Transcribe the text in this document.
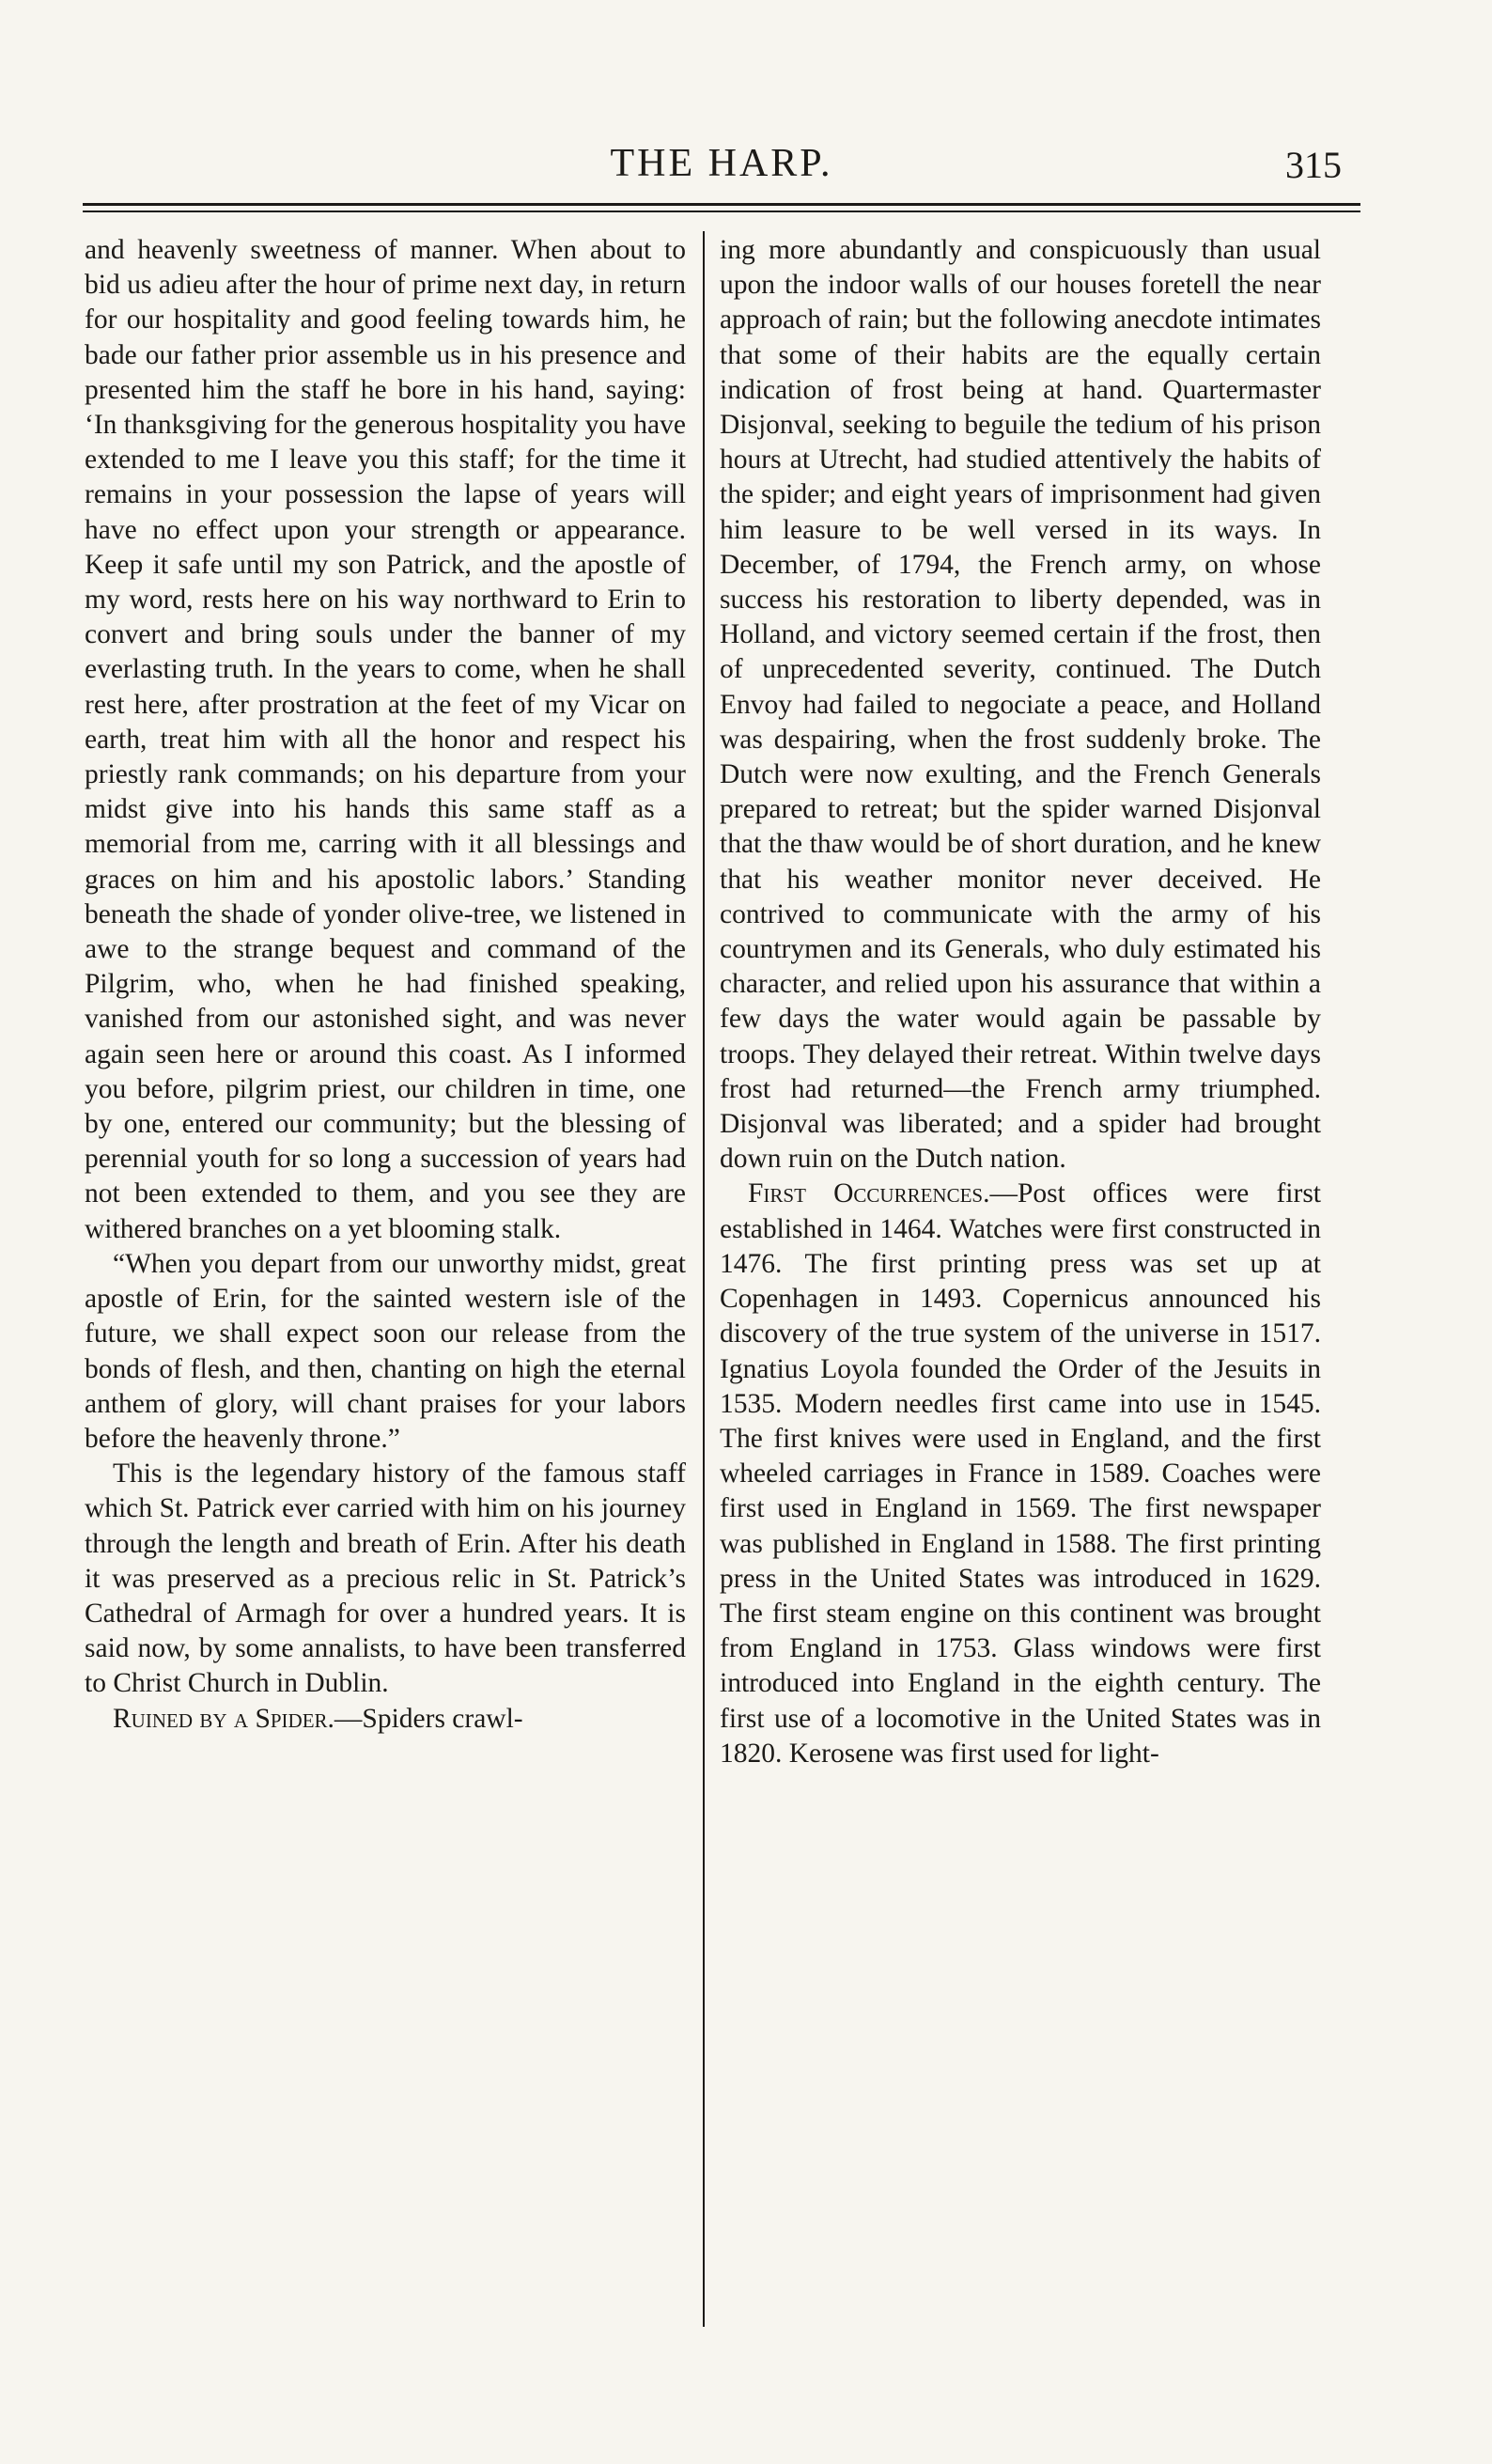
THE HARP.	315

and heavenly sweetness of manner. When about to bid us adieu after the hour of prime next day, in return for our hospitality and good feeling towards him, he bade our father prior assemble us in his presence and presented him the staff he bore in his hand, saying: ‘In thanksgiving for the generous hospitality you have extended to me I leave you this staff; for the time it remains in your possession the lapse of years will have no effect upon your strength or appearance. Keep it safe until my son Patrick, and the apostle of my word, rests here on his way northward to Erin to convert and bring souls under the banner of my everlasting truth. In the years to come, when he shall rest here, after prostration at the feet of my Vicar on earth, treat him with all the honor and respect his priestly rank commands; on his departure from your midst give into his hands this same staff as a memorial from me, carring with it all blessings and graces on him and his apostolic labors.’ Standing beneath the shade of yonder olive-tree, we listened in awe to the strange bequest and command of the Pilgrim, who, when he had finished speaking, vanished from our astonished sight, and was never again seen here or around this coast. As I informed you before, pilgrim priest, our children in time, one by one, entered our community; but the blessing of perennial youth for so long a succession of years had not been extended to them, and you see they are withered branches on a yet blooming stalk.

“When you depart from our unworthy midst, great apostle of Erin, for the sainted western isle of the future, we shall expect soon our release from the bonds of flesh, and then, chanting on high the eternal anthem of glory, will chant praises for your labors before the heavenly throne.”

This is the legendary history of the famous staff which St. Patrick ever carried with him on his journey through the length and breath of Erin. After his death it was preserved as a precious relic in St. Patrick’s Cathedral of Armagh for over a hundred years. It is said now, by some annalists, to have been transferred to Christ Church in Dublin.

Ruined by a Spider.—Spiders crawl-

ing more abundantly and conspicuously than usual upon the indoor walls of our houses foretell the near approach of rain; but the following anecdote intimates that some of their habits are the equally certain indication of frost being at hand. Quartermaster Disjonval, seeking to beguile the tedium of his prison hours at Utrecht, had studied attentively the habits of the spider; and eight years of imprisonment had given him leasure to be well versed in its ways. In December, of 1794, the French army, on whose success his restoration to liberty depended, was in Holland, and victory seemed certain if the frost, then of unprecedented severity, continued. The Dutch Envoy had failed to negociate a peace, and Holland was despairing, when the frost suddenly broke. The Dutch were now exulting, and the French Generals prepared to retreat; but the spider warned Disjonval that the thaw would be of short duration, and he knew that his weather monitor never deceived. He contrived to communicate with the army of his countrymen and its Generals, who duly estimated his character, and relied upon his assurance that within a few days the water would again be passable by troops. They delayed their retreat. Within twelve days frost had returned—the French army triumphed. Disjonval was liberated; and a spider had brought down ruin on the Dutch nation.

First Occurrences.—Post offices were first established in 1464. Watches were first constructed in 1476. The first printing press was set up at Copenhagen in 1493. Copernicus announced his discovery of the true system of the universe in 1517. Ignatius Loyola founded the Order of the Jesuits in 1535. Modern needles first came into use in 1545. The first knives were used in England, and the first wheeled carriages in France in 1589. Coaches were first used in England in 1569. The first newspaper was published in England in 1588. The first printing press in the United States was introduced in 1629. The first steam engine on this continent was brought from England in 1753. Glass windows were first introduced into England in the eighth century. The first use of a locomotive in the United States was in 1820. Kerosene was first used for light-
